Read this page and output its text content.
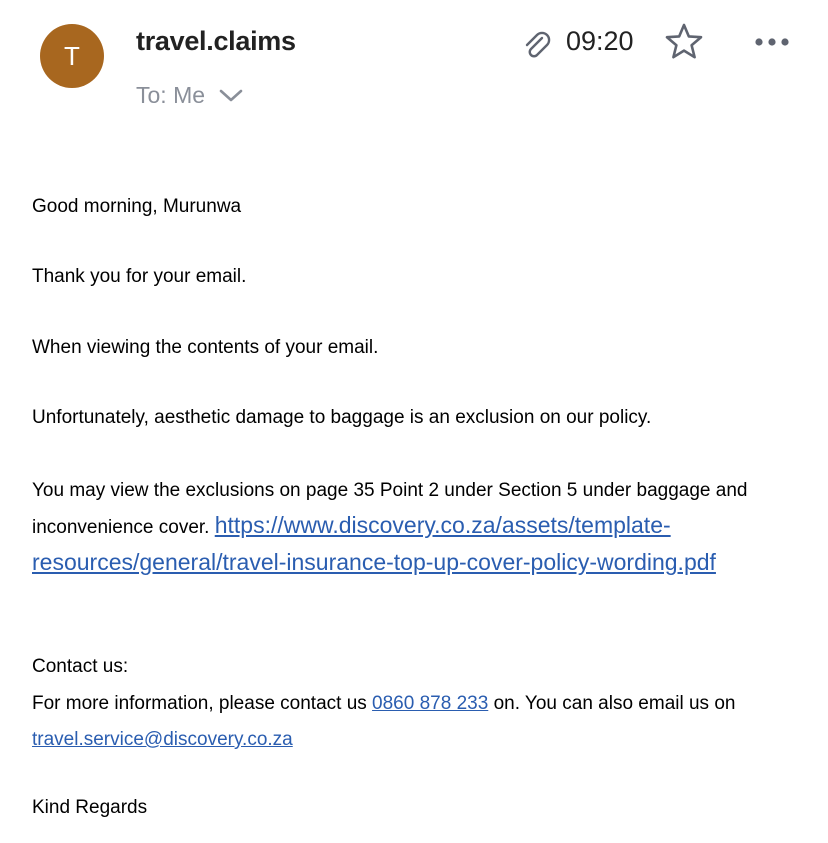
T	travel.claims
To: Me
09:20
Good morning, Murunwa
Thank you for your email.
When viewing the contents of your email.
Unfortunately, aesthetic damage to baggage is an exclusion on our policy.
You may view the exclusions on page 35 Point 2 under Section 5 under baggage and inconvenience cover. https://www.discovery.co.za/assets/template-resources/general/travel-insurance-top-up-cover-policy-wording.pdf
Contact us:
For more information, please contact us 0860 878 233 on. You can also email us on travel.service@discovery.co.za
Kind Regards
